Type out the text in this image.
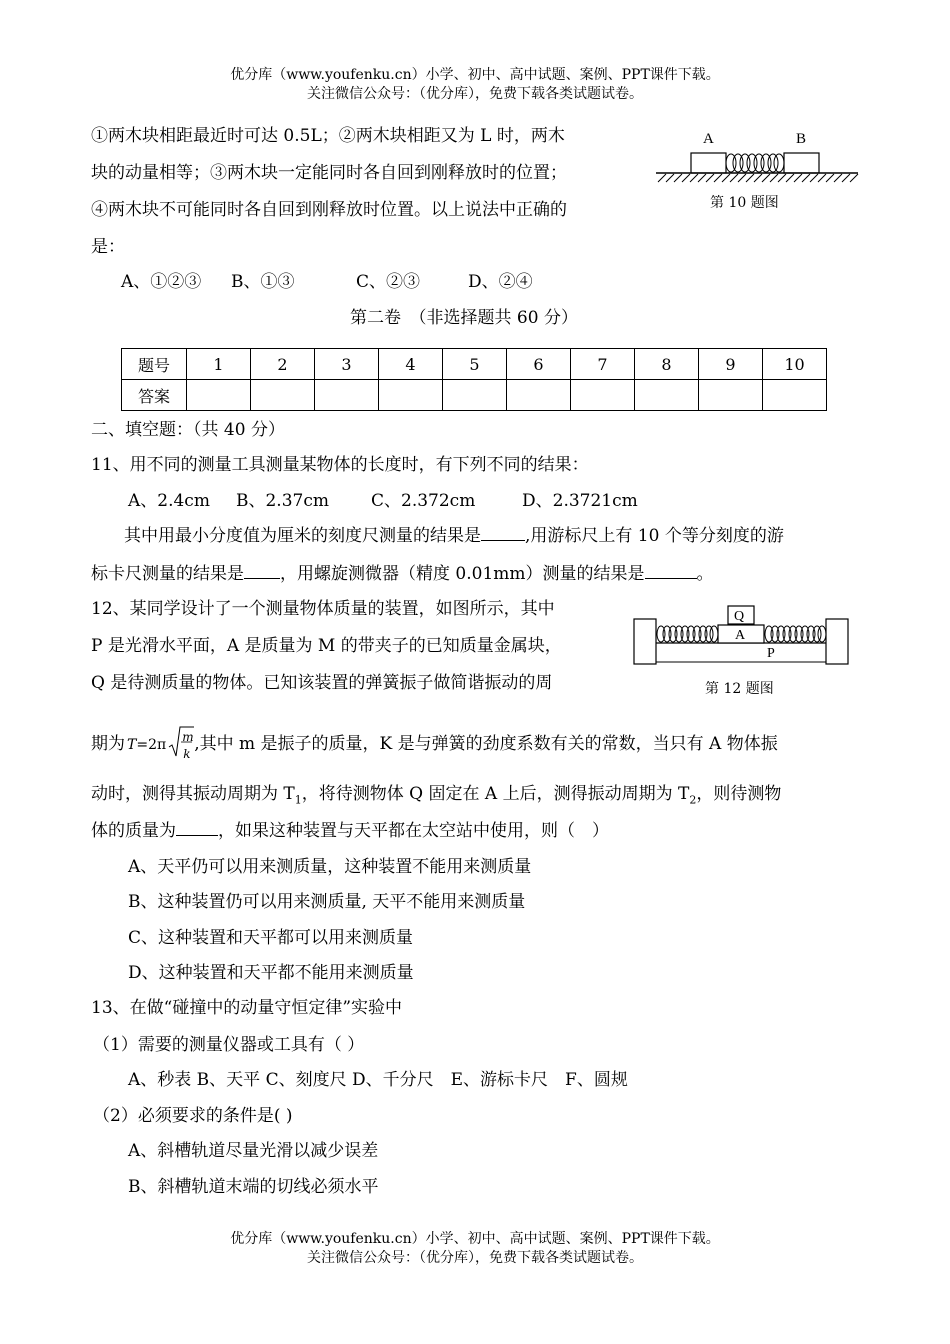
优分库（www.youfenku.cn）小学、初中、高中试题、案例、PPT课件下载。
关注微信公众号：（优分库），免费下载各类试题试卷。
①两木块相距最近时可达 0.5L；②两木块相距又为 L 时，两木
块的动量相等；③两木块一定能同时各自回到刚释放时的位置；
④两木块不可能同时各自回到刚释放时位置。以上说法中正确的
是：
A、①②③ B、①③	C、②③	D、②④
A	B
第 10 题图
第二卷　（非选择题共 60 分）
题号	1	2	3	4	5	6	7	8	9	10
答案										
二、填空题：（共 40 分）
11、用不同的测量工具测量某物体的长度时，有下列不同的结果：
A、2.4cm B、2.37cm C、2.372cm	D、2.3721cm
其中用最小分度值为厘米的刻度尺测量的结果是	,用游标尺上有 10 个等分刻度的游
标卡尺测量的结果是 ，用螺旋测微器（精度 0.01mm）测量的结果是	。
12、某同学设计了一个测量物体质量的装置，如图所示，其中
P 是光滑水平面，A 是质量为 M 的带夹子的已知质量金属块，
Q 是待测质量的物体。已知该装置的弹簧振子做简谐振动的周
Q
A
P
第 12 题图
期为 T=2π
m
k ,其中 m 是振子的质量，K 是与弹簧的劲度系数有关的常数，当只有 A 物体振
动时，测得其振动周期为 $T_1$，将待测物体 Q 固定在 A 上后，测得振动周期为 $T_2$，则待测物
体的质量为 ，如果这种装置与天平都在太空站中使用，则（　）
A、天平仍可以用来测质量，这种装置不能用来测质量
B、这种装置仍可以用来测质量, 天平不能用来测质量
C、这种装置和天平都可以用来测质量
D、这种装置和天平都不能用来测质量
13、在做“碰撞中的动量守恒定律”实验中
（1）需要的测量仪器或工具有（ ）
A、秒表 B、天平 C、刻度尺 D、千分尺　E、游标卡尺　F、圆规
（2）必须要求的条件是( )
A、斜槽轨道尽量光滑以减少误差
B、斜槽轨道末端的切线必须水平
优分库（www.youfenku.cn）小学、初中、高中试题、案例、PPT课件下载。
关注微信公众号：（优分库），免费下载各类试题试卷。
